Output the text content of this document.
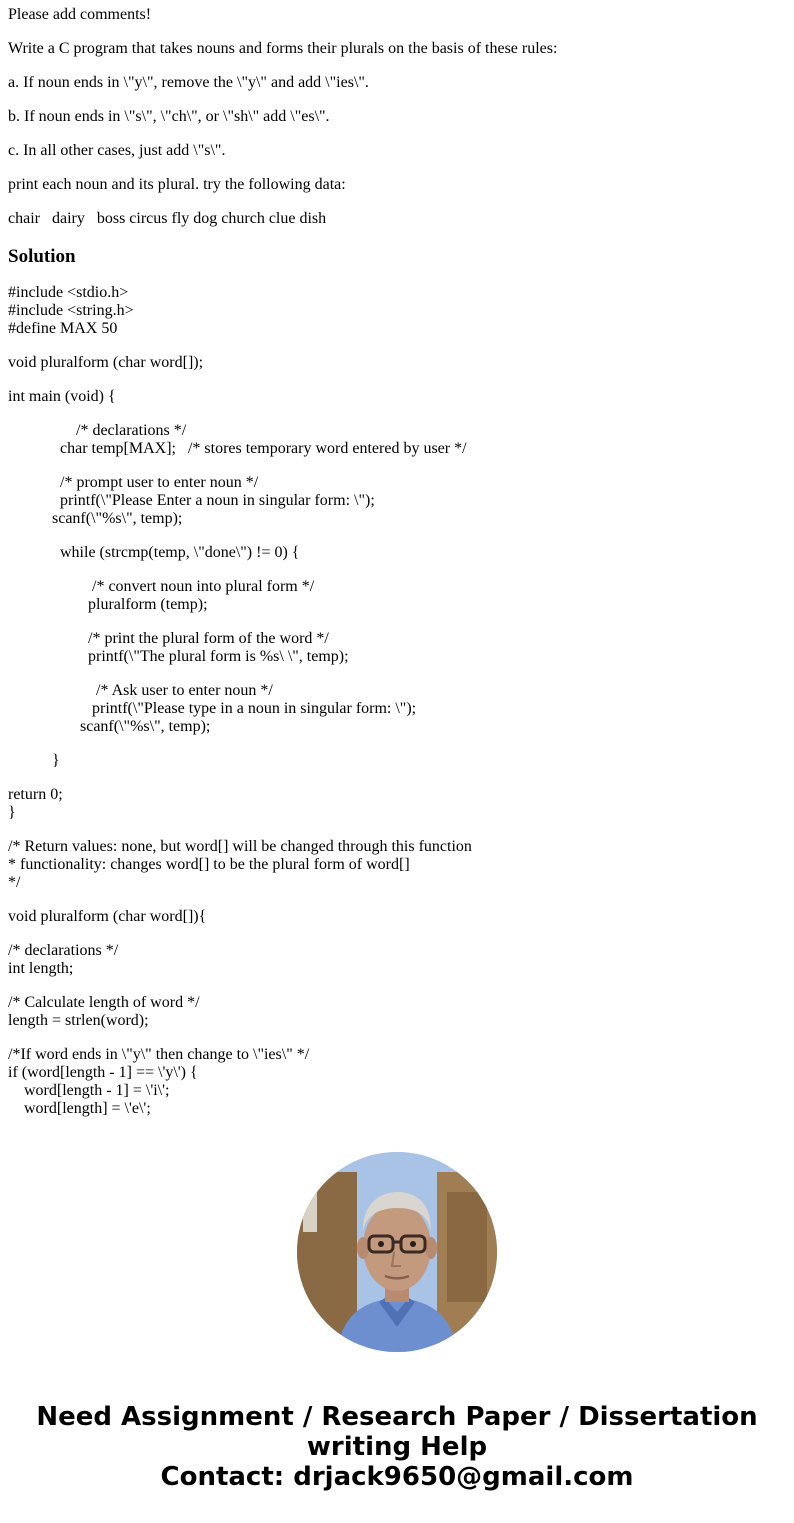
Please add comments!

Write a C program that takes nouns and forms their plurals on the basis of these rules:

a. If noun ends in \"y\", remove the \"y\" and add \"ies\".

b. If noun ends in \"s\", \"ch\", or \"sh\" add \"es\".

c. In all other cases, just add \"s\".

print each noun and its plural. try the following data:

chair   dairy   boss circus fly dog church clue dish

Solution
#include <stdio.h>
#include <string.h>
#define MAX 50
void pluralform (char word[]);
int main (void) {
/* declarations */
char temp[MAX];   /* stores temporary word entered by user */
/* prompt user to enter noun */
printf(\"Please Enter a noun in singular form: \");
scanf(\"%s\", temp);
while (strcmp(temp, \"done\") != 0) {
/* convert noun into plural form */
pluralform (temp);
/* print the plural form of the word */
printf(\"The plural form is %s\ \", temp);
/* Ask user to enter noun */
printf(\"Please type in a noun in singular form: \");
scanf(\"%s\", temp);
}
return 0;
}
/* Return values: none, but word[] will be changed through this function
* functionality: changes word[] to be the plural form of word[]
*/
void pluralform (char word[]){
/* declarations */
int length;
/* Calculate length of word */
length = strlen(word);
/*If word ends in \"y\" then change to \"ies\" */
if (word[length - 1] == \'y\') {
word[length - 1] = \'i\';
word[length] = \'e\';
Need Assignment / Research Paper / Dissertation
writing Help
Contact: drjack9650@gmail.com
